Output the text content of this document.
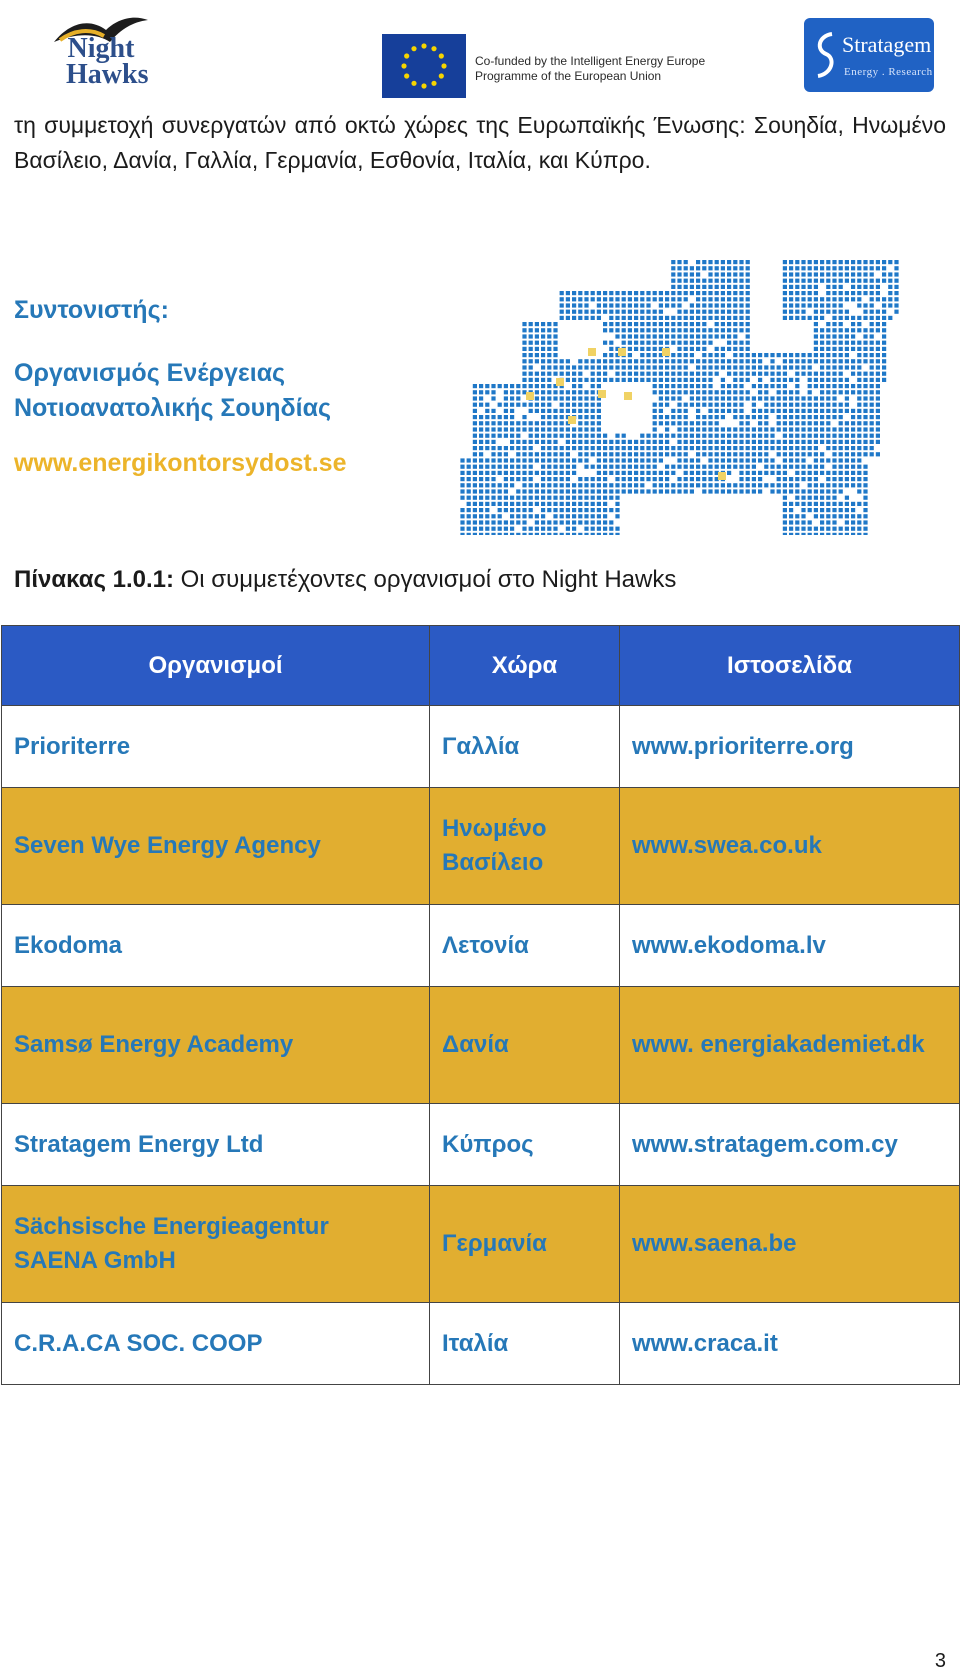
Night
Hawks	Co-funded by the Intelligent Energy Europe
Programme of the European Union
Stratagem
Energy . Research
τη συμμετοχή συνεργατών από οκτώ χώρες της Ευρωπαϊκής Ένωσης: Σουηδία, Ηνωμένο Βασίλειο, Δανία, Γαλλία, Γερμανία, Εσθονία, Ιταλία, και Κύπρο.
Συντονιστής:
Οργανισμός Ενέργειας
Νοτιοανατολικής Σουηδίας
www.energikontorsydost.se
Πίνακας 1.0.1: Οι συμμετέχοντες οργανισμοί στο Night Hawks
Οργανισμοί	Χώρα	Ιστοσελίδα
Prioriterre	Γαλλία	www.prioriterre.org
Seven Wye Energy Agency	Ηνωμένο Βασίλειο	www.swea.co.uk
Ekodoma	Λετονία	www.ekodoma.lv
Samsø Energy Academy	Δανία	www. energiakademiet.dk
Stratagem Energy Ltd	Κύπρος	www.stratagem.com.cy
Sächsische Energieagentur SAENA GmbH	Γερμανία	www.saena.be
C.R.A.CA SOC. COOP	Ιταλία	www.craca.it
3
